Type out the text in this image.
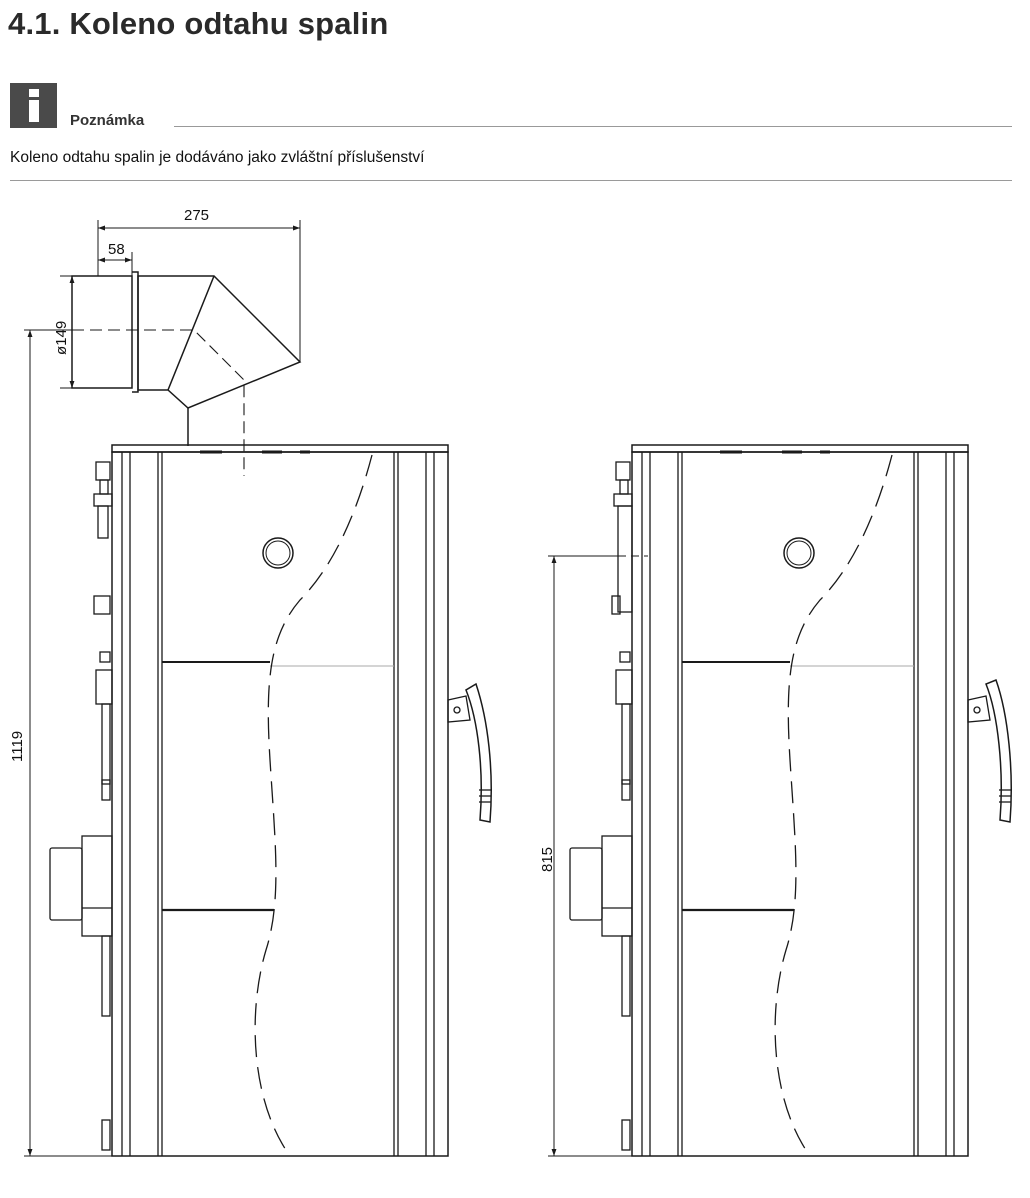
4.1. Koleno odtahu spalin
Poznámka
Koleno odtahu spalin je dodáváno jako zvláštní příslušenství
275
58
ø149
1119
815
